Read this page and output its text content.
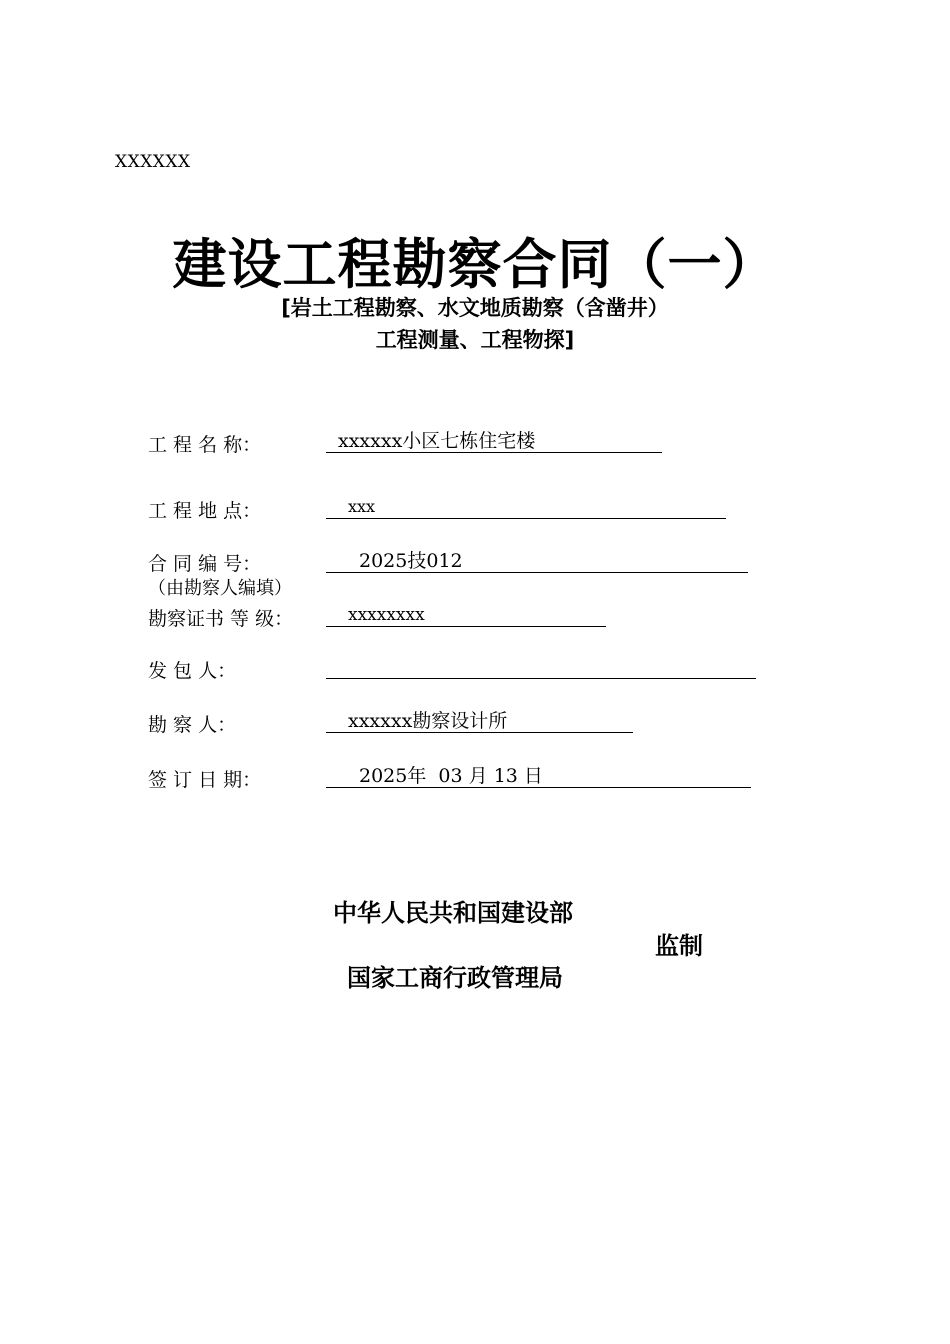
XXXXXX
建设工程勘察合同（一）
[岩土工程勘察、水文地质勘察（含凿井）
工程测量、工程物探]
工 程 名 称：	xxxxxx小区七栋住宅楼
工 程 地 点：	xxx
合 同 编 号：	2025技012
（由勘察人编填）
勘察证书 等 级：	xxxxxxxx
发 包 人：
勘 察 人：	xxxxxx勘察设计所
签 订 日 期：	2025年  03 月 13 日
中华人民共和国建设部
监制
国家工商行政管理局
